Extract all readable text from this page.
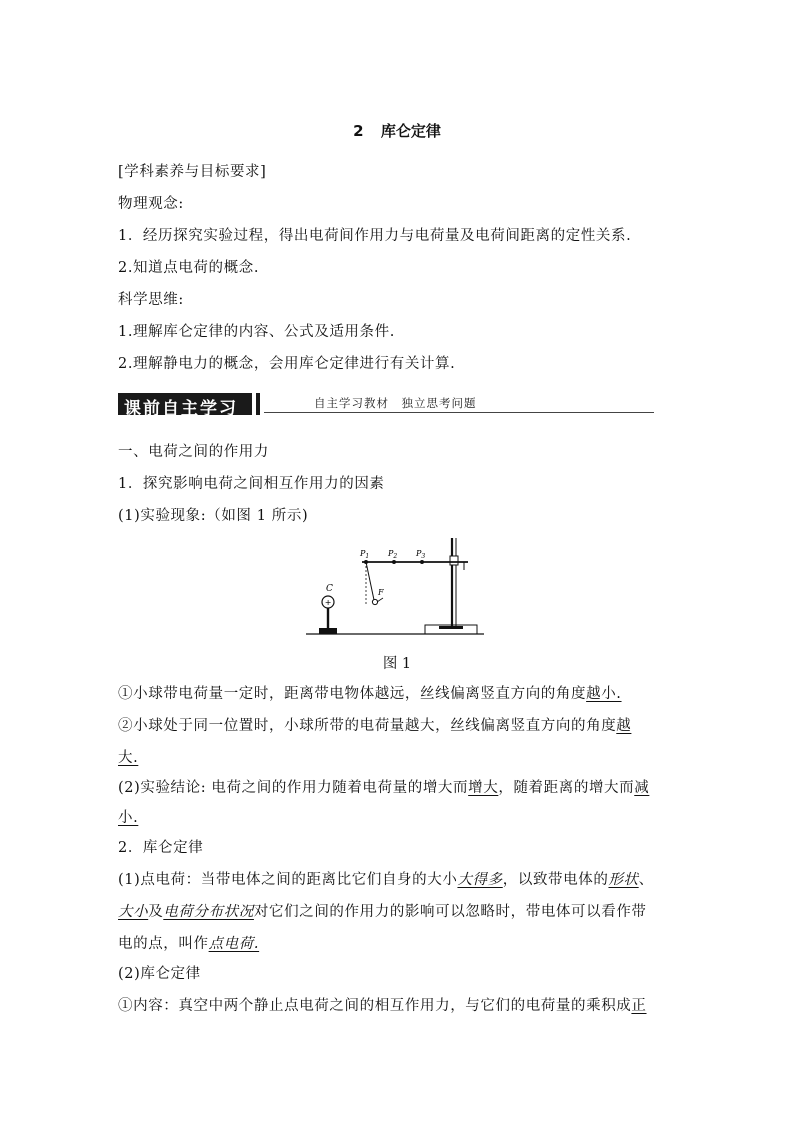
2 库仑定律
[学科素养与目标要求]
物理观念:
1．经历探究实验过程，得出电荷间作用力与电荷量及电荷间距离的定性关系.
2.知道点电荷的概念.
科学思维:
1.理解库仑定律的内容、公式及适用条件.
2.理解静电力的概念，会用库仑定律进行有关计算.
课前自主学习	自主学习教材　独立思考问题
一、电荷之间的作用力
1．探究影响电荷之间相互作用力的因素
(1)实验现象:（如图 1 所示)
$P_1$ $P_2$ $P_3$
F
C
+
图 1
①小球带电荷量一定时，距离带电物体越远，丝线偏离竖直方向的角度越小.
②小球处于同一位置时，小球所带的电荷量越大，丝线偏离竖直方向的角度越
大.
(2)实验结论: 电荷之间的作用力随着电荷量的增大而增大，随着距离的增大而减
小.
2．库仑定律
(1)点电荷：当带电体之间的距离比它们自身的大小大得多，以致带电体的形状、
大小及电荷分布状况对它们之间的作用力的影响可以忽略时，带电体可以看作带
电的点，叫作点电荷.
(2)库仑定律
①内容：真空中两个静止点电荷之间的相互作用力，与它们的电荷量的乘积成正
